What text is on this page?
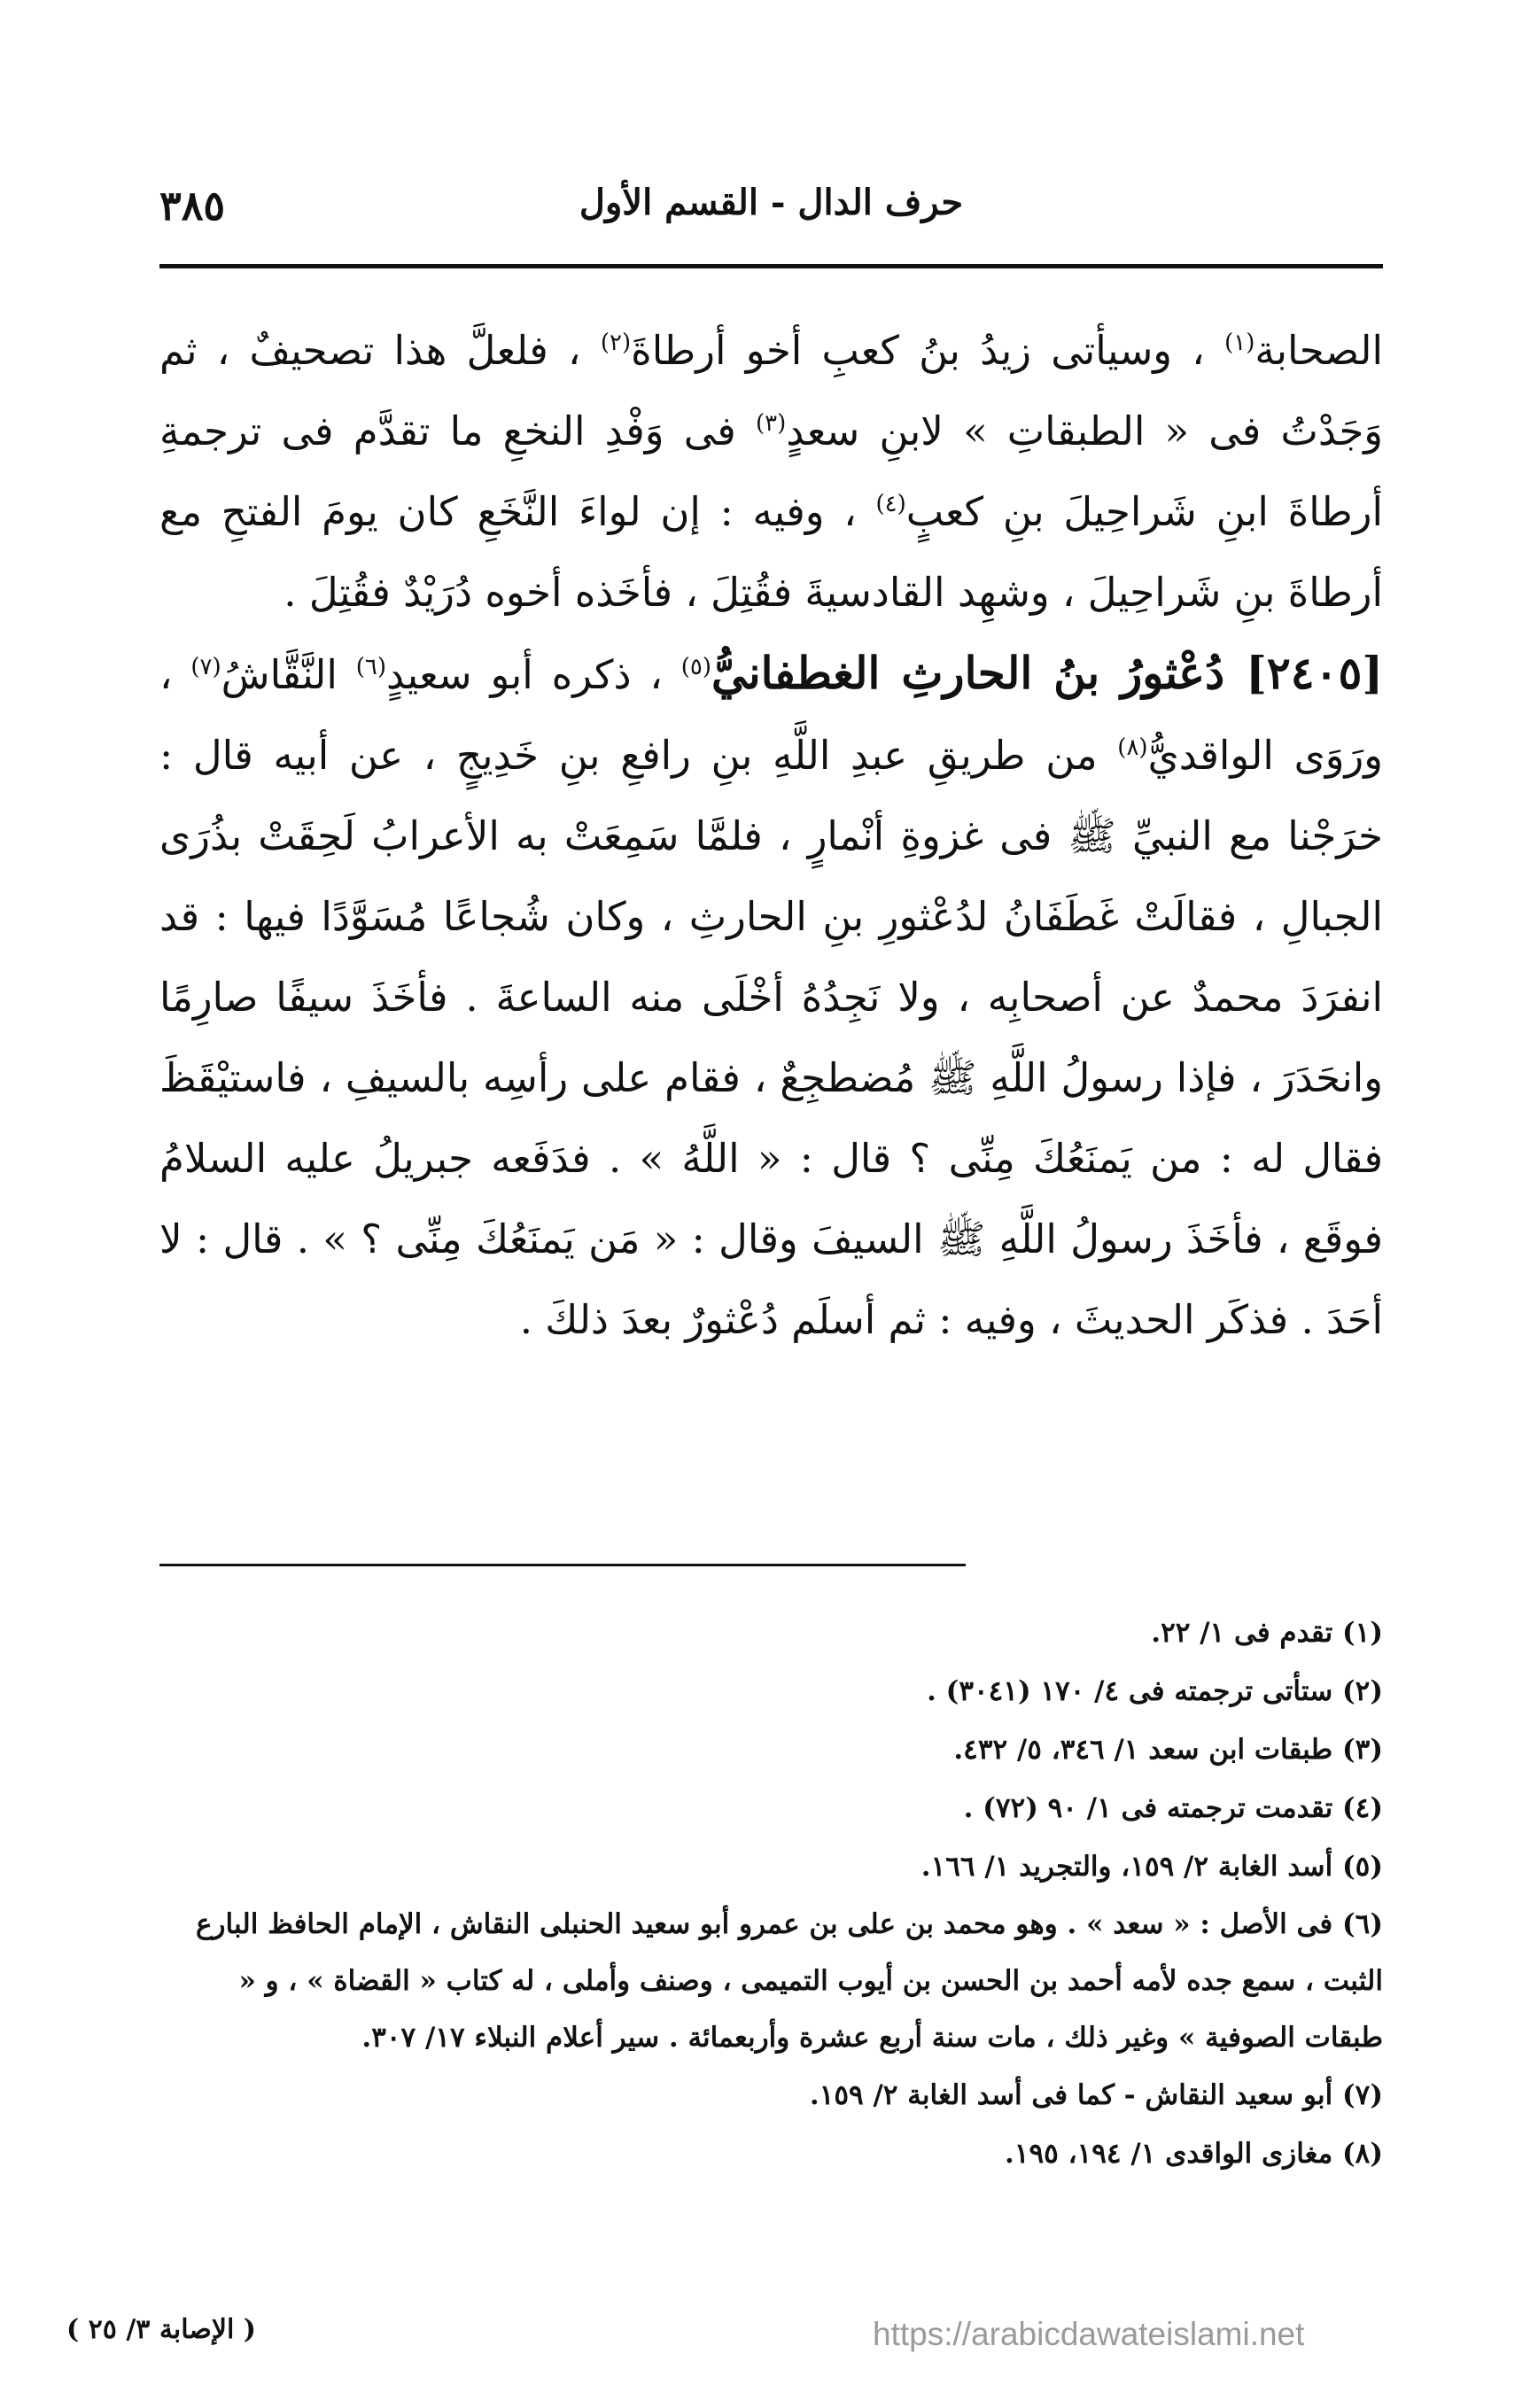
٣٨٥	حرف الدال - القسم الأول

الصحابة$^{(١)}$ ، وسيأتى زيدُ بنُ كعبِ أخو أرطاةَ$^{(٢)}$ ، فلعلَّ هذا تصحيفٌ ، ثم وَجَدْتُ فى « الطبقاتِ » لابنِ سعدٍ$^{(٣)}$ فى وَفْدِ النخعِ ما تقدَّم فى ترجمةِ أرطاةَ ابنِ شَراحِيلَ بنِ كعبٍ$^{(٤)}$ ، وفيه : إن لواءَ النَّخَعِ كان يومَ الفتحِ مع أرطاةَ بنِ شَراحِيلَ ، وشهِد القادسيةَ فقُتِلَ ، فأخَذه أخوه دُرَيْدٌ فقُتِلَ .

[٢٤٠٥] دُعْثورُ بنُ الحارثِ الغطفانيُّ$^{(٥)}$ ، ذكره أبو سعيدٍ$^{(٦)}$ النَّقَّاشُ$^{(٧)}$ ، ورَوَى الواقديُّ$^{(٨)}$ من طريقِ عبدِ اللَّهِ بنِ رافعِ بنِ خَدِيجٍ ، عن أبيه قال : خرَجْنا مع النبيِّ ﷺ فى غزوةِ أنْمارٍ ، فلمَّا سَمِعَتْ به الأعرابُ لَحِقَتْ بذُرَى الجبالِ ، فقالَتْ غَطَفَانُ لدُعْثورِ بنِ الحارثِ ، وكان شُجاعًا مُسَوَّدًا فيها : قد انفرَدَ محمدٌ عن أصحابِه ، ولا نَجِدُهُ أخْلَى منه الساعةَ . فأخَذَ سيفًا صارِمًا وانحَدَرَ ، فإذا رسولُ اللَّهِ ﷺ مُضطجِعٌ ، فقام على رأسِه بالسيفِ ، فاستيْقَظَ فقال له : من يَمنَعُكَ مِنِّى ؟ قال : « اللَّهُ » . فدَفَعه جبريلُ عليه السلامُ فوقَع ، فأخَذَ رسولُ اللَّهِ ﷺ السيفَ وقال : « مَن يَمنَعُكَ مِنِّى ؟ » . قال : لا أحَدَ . فذكَر الحديثَ ، وفيه : ثم أسلَم دُعْثورٌ بعدَ ذلكَ .

(١) تقدم فى ١/ ٢٢.

(٢) ستأتى ترجمته فى ٤/ ١٧٠ (٣٠٤١) .

(٣) طبقات ابن سعد ١/ ٣٤٦، ٥/ ٤٣٢.

(٤) تقدمت ترجمته فى ١/ ٩٠ (٧٢) .

(٥) أسد الغابة ٢/ ١٥٩، والتجريد ١/ ١٦٦.

(٦) فى الأصل : « سعد » . وهو محمد بن على بن عمرو أبو سعيد الحنبلى النقاش ، الإمام الحافظ البارع الثبت ، سمع جده لأمه أحمد بن الحسن بن أيوب التميمى ، وصنف وأملى ، له كتاب « القضاة » ، و « طبقات الصوفية » وغير ذلك ، مات سنة أربع عشرة وأربعمائة . سير أعلام النبلاء ١٧/ ٣٠٧.

(٧) أبو سعيد النقاش - كما فى أسد الغابة ٢/ ١٥٩.

(٨) مغازى الواقدى ١/ ١٩٤، ١٩٥.

( الإصابة ٣/ ٢٥ )	https://arabicdawateislami.net
